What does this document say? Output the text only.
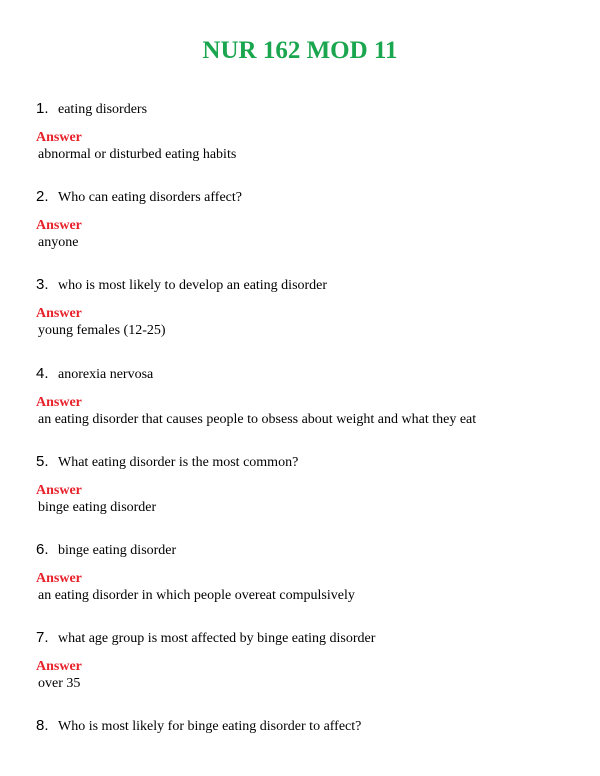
NUR 162 MOD 11
1. eating disorders
Answer
abnormal or disturbed eating habits
2. Who can eating disorders affect?
Answer
anyone
3. who is most likely to develop an eating disorder
Answer
young females (12-25)
4. anorexia nervosa
Answer
an eating disorder that causes people to obsess about weight and what they eat
5. What eating disorder is the most common?
Answer
binge eating disorder
6. binge eating disorder
Answer
an eating disorder in which people overeat compulsively
7. what age group is most affected by binge eating disorder
Answer
over 35
8. Who is most likely for binge eating disorder to affect?
